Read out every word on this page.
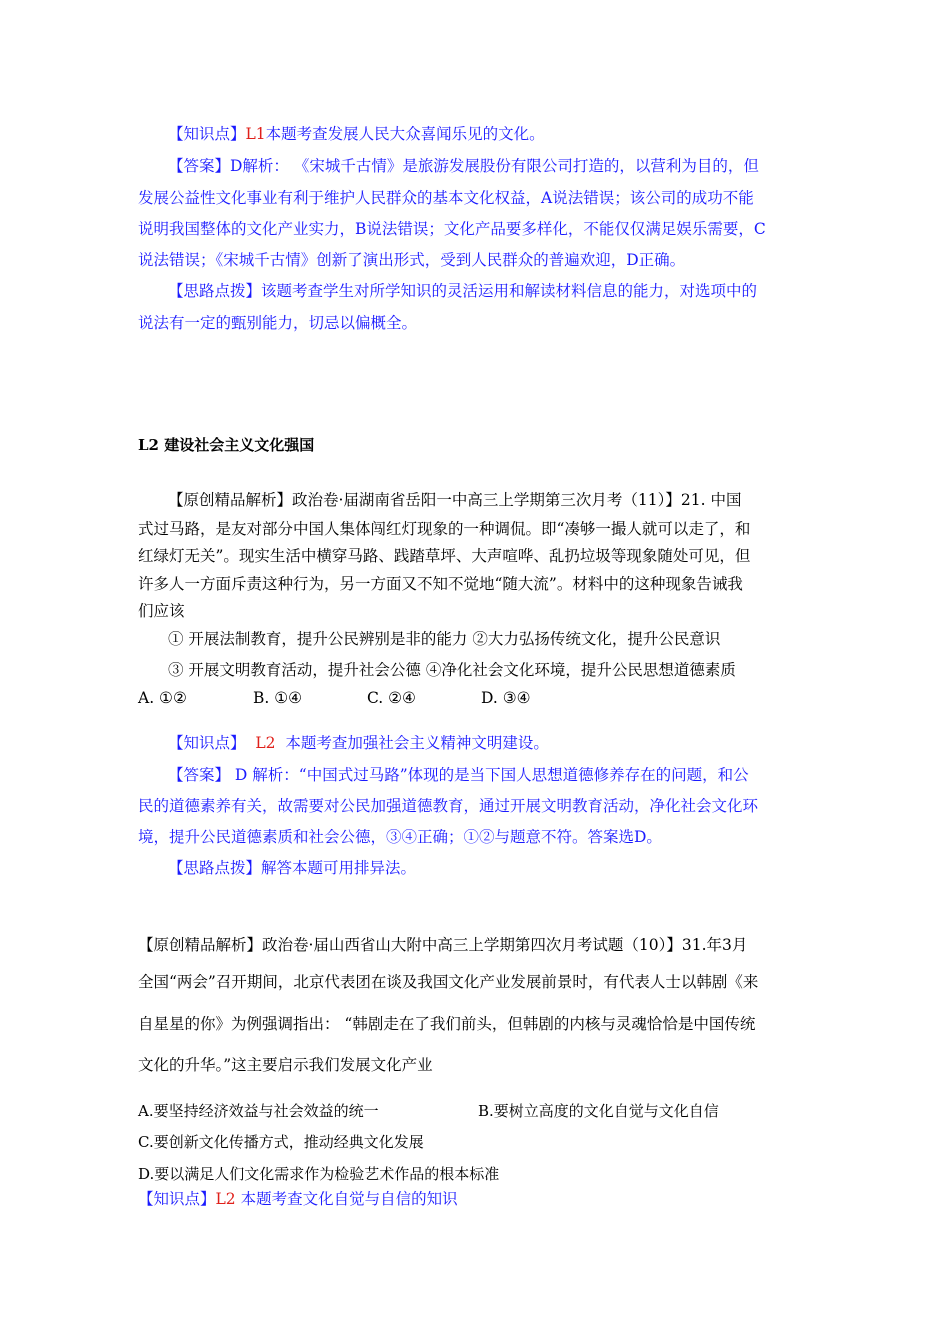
【知识点】L1本题考查发展人民大众喜闻乐见的文化。
【答案】D解析： 《宋城千古情》是旅游发展股份有限公司打造的，以营利为目的，但
发展公益性文化事业有利于维护人民群众的基本文化权益，A说法错误；该公司的成功不能
说明我国整体的文化产业实力，B说法错误；文化产品要多样化，不能仅仅满足娱乐需要，C
说法错误；《宋城千古情》创新了演出形式，受到人民群众的普遍欢迎，D正确。
【思路点拨】该题考查学生对所学知识的灵活运用和解读材料信息的能力，对选项中的
说法有一定的甄别能力，切忌以偏概全。
L2 建设社会主义文化强国
【原创精品解析】政治卷·届湖南省岳阳一中高三上学期第三次月考（11）】21. 中国
式过马路，是友对部分中国人集体闯红灯现象的一种调侃。即“凑够一撮人就可以走了，和
红绿灯无关”。现实生活中横穿马路、践踏草坪、大声喧哗、乱扔垃圾等现象随处可见，但
许多人一方面斥责这种行为，另一方面又不知不觉地“随大流”。材料中的这种现象告诫我
们应该
① 开展法制教育，提升公民辨别是非的能力 ②大力弘扬传统文化，提升公民意识
③ 开展文明教育活动，提升社会公德 ④净化社会文化环境，提升公民思想道德素质
A. ①②	B. ①④	C. ②④	D. ③④
【知识点】 L2 本题考查加强社会主义精神文明建设。
【答案】 D 解析：“中国式过马路”体现的是当下国人思想道德修养存在的问题，和公
民的道德素养有关，故需要对公民加强道德教育，通过开展文明教育活动，净化社会文化环
境，提升公民道德素质和社会公德，③④正确；①②与题意不符。答案选D。
【思路点拨】解答本题可用排异法。
【原创精品解析】政治卷·届山西省山大附中高三上学期第四次月考试题（10）】31.年3月
全国“两会”召开期间，北京代表团在谈及我国文化产业发展前景时，有代表人士以韩剧《来
自星星的你》为例强调指出： “韩剧走在了我们前头，但韩剧的内核与灵魂恰恰是中国传统
文化的升华。”这主要启示我们发展文化产业
A.要坚持经济效益与社会效益的统一	B.要树立高度的文化自觉与文化自信
C.要创新文化传播方式，推动经典文化发展
D.要以满足人们文化需求作为检验艺术作品的根本标准
【知识点】L2 本题考查文化自觉与自信的知识
